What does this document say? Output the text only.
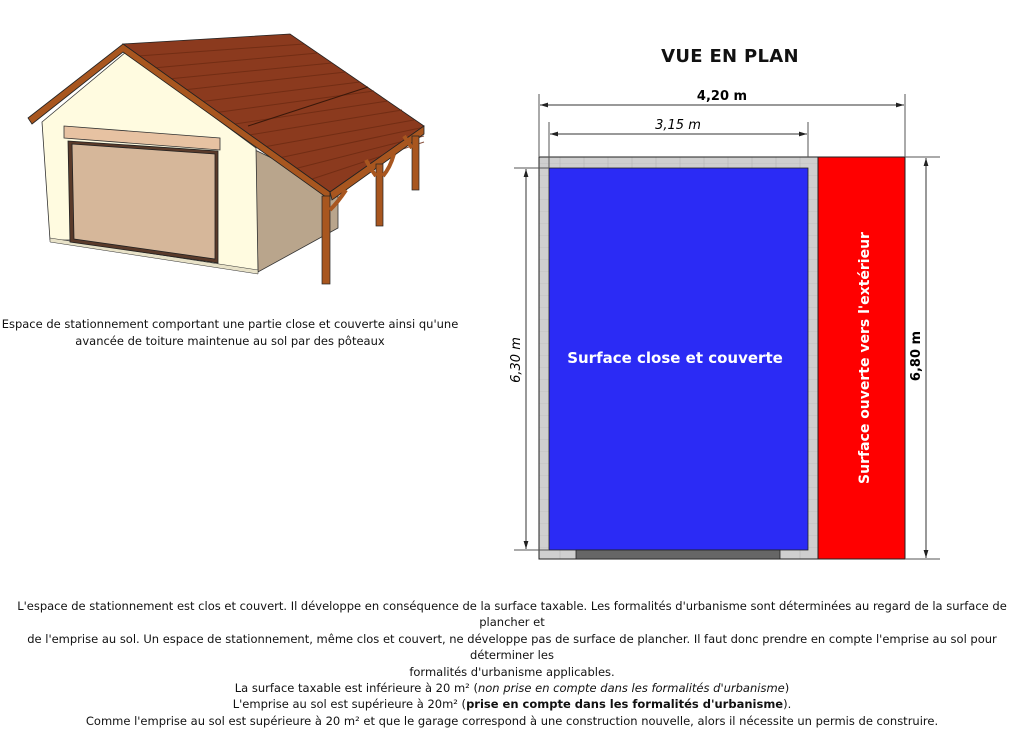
Espace de stationnement comportant une partie close et couverte ainsi qu'une
avancée de toiture maintenue au sol par des pôteaux
VUE EN PLAN
4,20 m
3,15 m
6,30 m	6,80 m
Surface close et couverte	Surface ouverte vers l'extérieur
L'espace de stationnement est clos et couvert. Il développe en conséquence de la surface taxable. Les formalités d'urbanisme sont déterminées au regard de la surface de plancher et
de l'emprise au sol. Un espace de stationnement, même clos et couvert, ne développe pas de surface de plancher. Il faut donc prendre en compte l'emprise au sol pour déterminer les
formalités d'urbanisme applicables.
La surface taxable est inférieure à 20 m² (non prise en compte dans les formalités d'urbanisme)
L'emprise au sol est supérieure à 20m² (prise en compte dans les formalités d'urbanisme).
Comme l'emprise au sol est supérieure à 20 m² et que le garage correspond à une construction nouvelle, alors il nécessite un permis de construire.
